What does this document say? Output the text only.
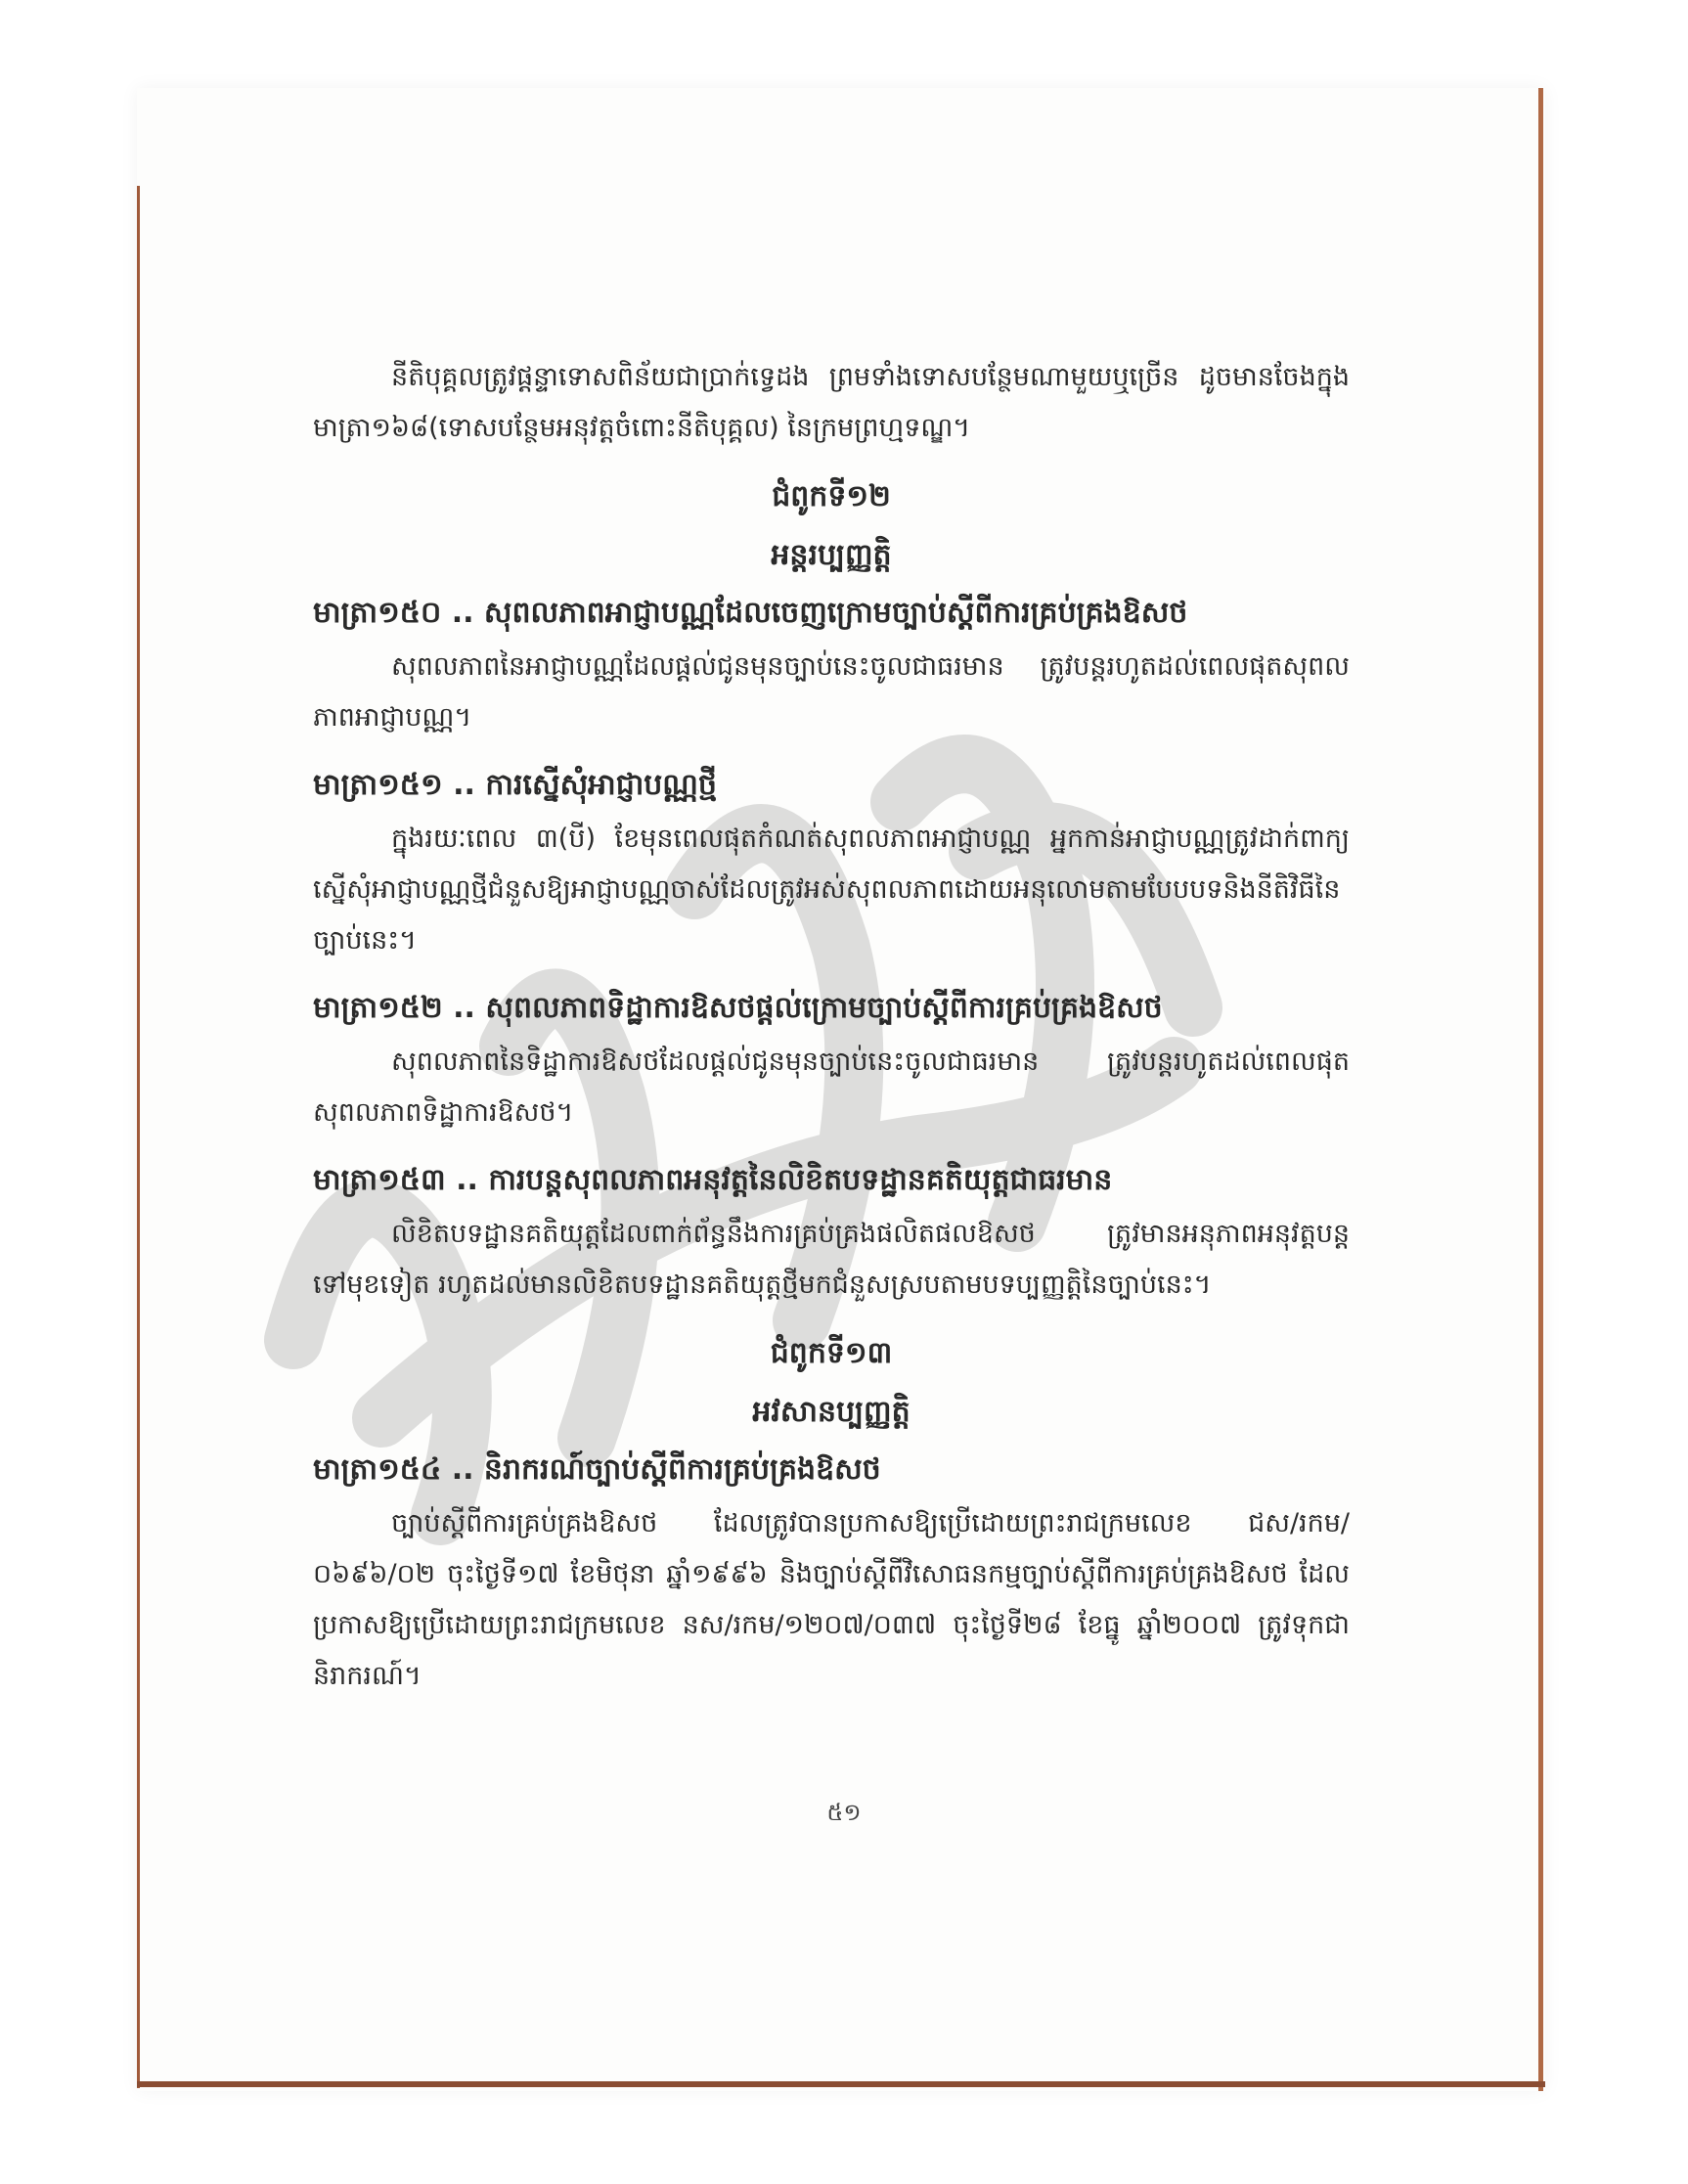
នីតិបុគ្គលត្រូវផ្តន្ទាទោសពិន័យជាប្រាក់ទ្វេដង ព្រមទាំងទោសបន្ថែមណាមួយឬច្រើន ដូចមានចែងក្នុងមាត្រា១៦៨(ទោសបន្ថែមអនុវត្តចំពោះនីតិបុគ្គល) នៃក្រមព្រហ្មទណ្ឌ។

ជំពូកទី១២

អន្តរប្បញ្ញត្តិ

មាត្រា១៥០ .. សុពលភាពអាជ្ញាបណ្ណដែលចេញក្រោមច្បាប់ស្តីពីការគ្រប់គ្រងឱសថ

សុពលភាពនៃអាជ្ញាបណ្ណដែលផ្តល់ជូនមុនច្បាប់នេះចូលជាធរមាន ត្រូវបន្តរហូតដល់ពេលផុតសុពលភាពអាជ្ញាបណ្ណ។

មាត្រា១៥១ .. ការស្នើសុំអាជ្ញាបណ្ណថ្មី

ក្នុងរយៈពេល ៣(បី) ខែមុនពេលផុតកំណត់សុពលភាពអាជ្ញាបណ្ណ អ្នកកាន់អាជ្ញាបណ្ណត្រូវដាក់ពាក្យស្នើសុំអាជ្ញាបណ្ណថ្មីជំនួសឱ្យអាជ្ញាបណ្ណចាស់ដែលត្រូវអស់សុពលភាពដោយអនុលោមតាមបែបបទនិងនីតិវិធីនៃច្បាប់នេះ។

មាត្រា១៥២ .. សុពលភាពទិដ្ឋាការឱសថផ្តល់ក្រោមច្បាប់ស្តីពីការគ្រប់គ្រងឱសថ

សុពលភាពនៃទិដ្ឋាការឱសថដែលផ្តល់ជូនមុនច្បាប់នេះចូលជាធរមាន ត្រូវបន្តរហូតដល់ពេលផុតសុពលភាពទិដ្ឋាការឱសថ។

មាត្រា១៥៣ .. ការបន្តសុពលភាពអនុវត្តនៃលិខិតបទដ្ឋានគតិយុត្តជាធរមាន

លិខិតបទដ្ឋានគតិយុត្តដែលពាក់ព័ន្ធនឹងការគ្រប់គ្រងផលិតផលឱសថ ត្រូវមានអនុភាពអនុវត្តបន្តទៅមុខទៀត រហូតដល់មានលិខិតបទដ្ឋានគតិយុត្តថ្មីមកជំនួសស្របតាមបទប្បញ្ញត្តិនៃច្បាប់នេះ។

ជំពូកទី១៣

អវសានប្បញ្ញត្តិ

មាត្រា១៥៤ .. និរាករណ៍ច្បាប់ស្តីពីការគ្រប់គ្រងឱសថ

ច្បាប់ស្តីពីការគ្រប់គ្រងឱសថ ដែលត្រូវបានប្រកាសឱ្យប្រើដោយព្រះរាជក្រមលេខ ជស/រកម/០៦៩៦/០២ ចុះថ្ងៃទី១៧ ខែមិថុនា ឆ្នាំ១៩៩៦ និងច្បាប់ស្តីពីវិសោធនកម្មច្បាប់ស្តីពីការគ្រប់គ្រងឱសថ ដែលប្រកាសឱ្យប្រើដោយព្រះរាជក្រមលេខ នស/រកម/១២០៧/០៣៧ ចុះថ្ងៃទី២៨ ខែធ្នូ ឆ្នាំ២០០៧ ត្រូវទុកជានិរាករណ៍។

៥១
